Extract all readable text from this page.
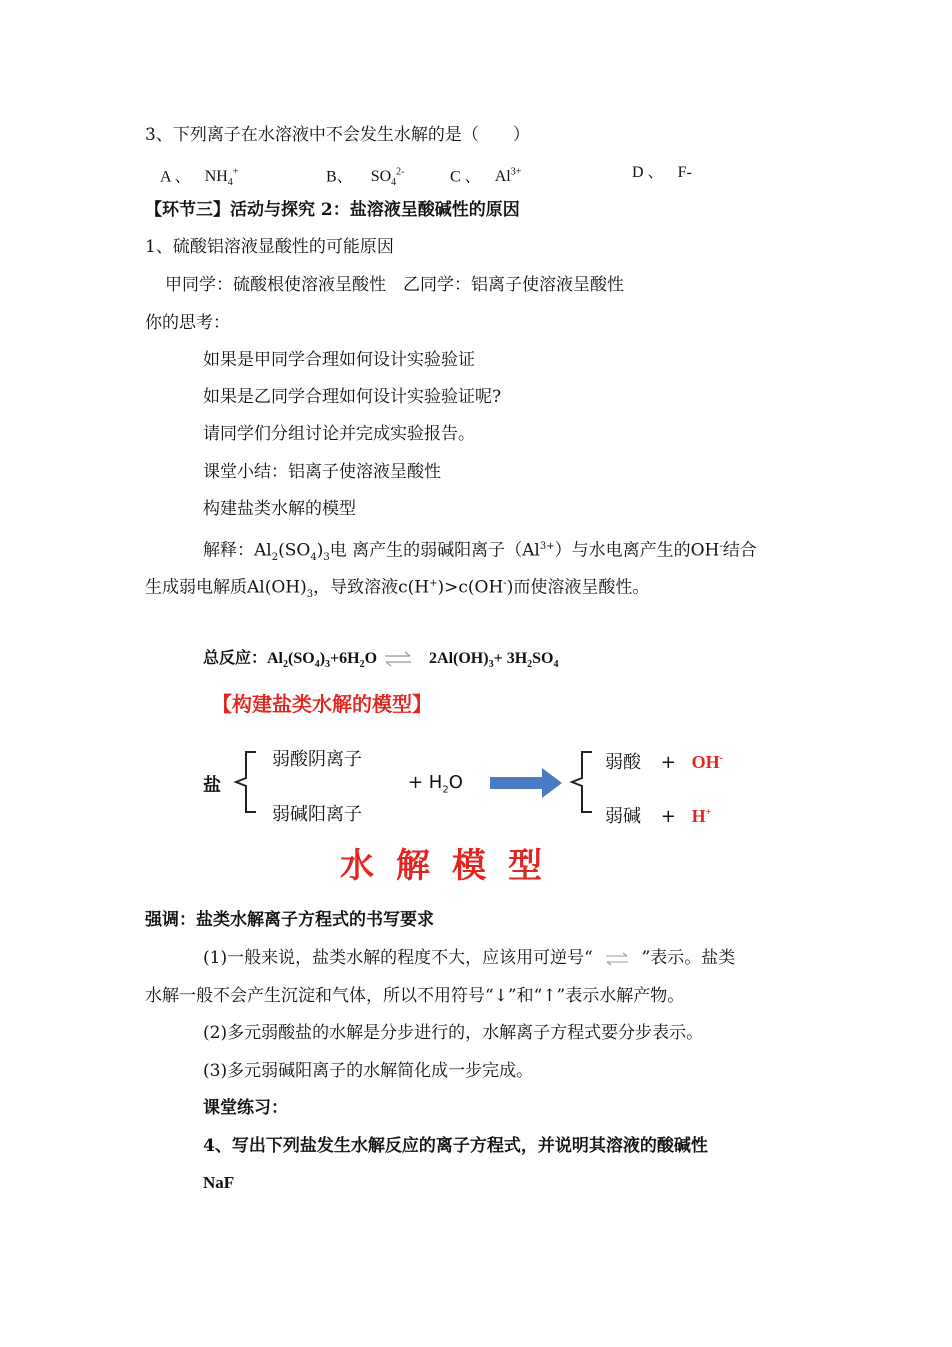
3、下列离子在水溶液中不会发生水解的是（　　）
A 、 $NH_4^+$	B、 $SO_4^{2-}$	C 、 $Al^{3+}$	D 、 F-
【环节三】活动与探究 2：盐溶液呈酸碱性的原因
1、硫酸铝溶液显酸性的可能原因
甲同学：硫酸根使溶液呈酸性　乙同学：铝离子使溶液呈酸性
你的思考：
如果是甲同学合理如何设计实验验证
如果是乙同学合理如何设计实验验证呢?
请同学们分组讨论并完成实验报告。
课堂小结：铝离子使溶液呈酸性
构建盐类水解的模型
解释：$Al_2(SO_4)_3$电 离产生的弱碱阳离子$(Al^{3+})$与水电离产生的OH-结合
生成弱电解质$Al(OH)_3$，导致溶液c(H+)>c(OH-)而使溶液呈酸性。
总反应：$Al_2(SO_4)_3+6H_2O$ ⇌ $2Al(OH)_3+ 3H_2SO_4$
【构建盐类水解的模型】
盐
弱酸阴离子
弱碱阳离子
+ $H_2O$
弱酸 + OH-
弱碱 + H+
水解模型
强调：盐类水解离子方程式的书写要求
(1)一般来说，盐类水解的程度不大，应该用可逆号“	”表示。盐类
水解一般不会产生沉淀和气体，所以不用符号“↓”和“↑”表示水解产物。
(2)多元弱酸盐的水解是分步进行的，水解离子方程式要分步表示。
(3)多元弱碱阳离子的水解简化成一步完成。
课堂练习：
4、写出下列盐发生水解反应的离子方程式，并说明其溶液的酸碱性
NaF
